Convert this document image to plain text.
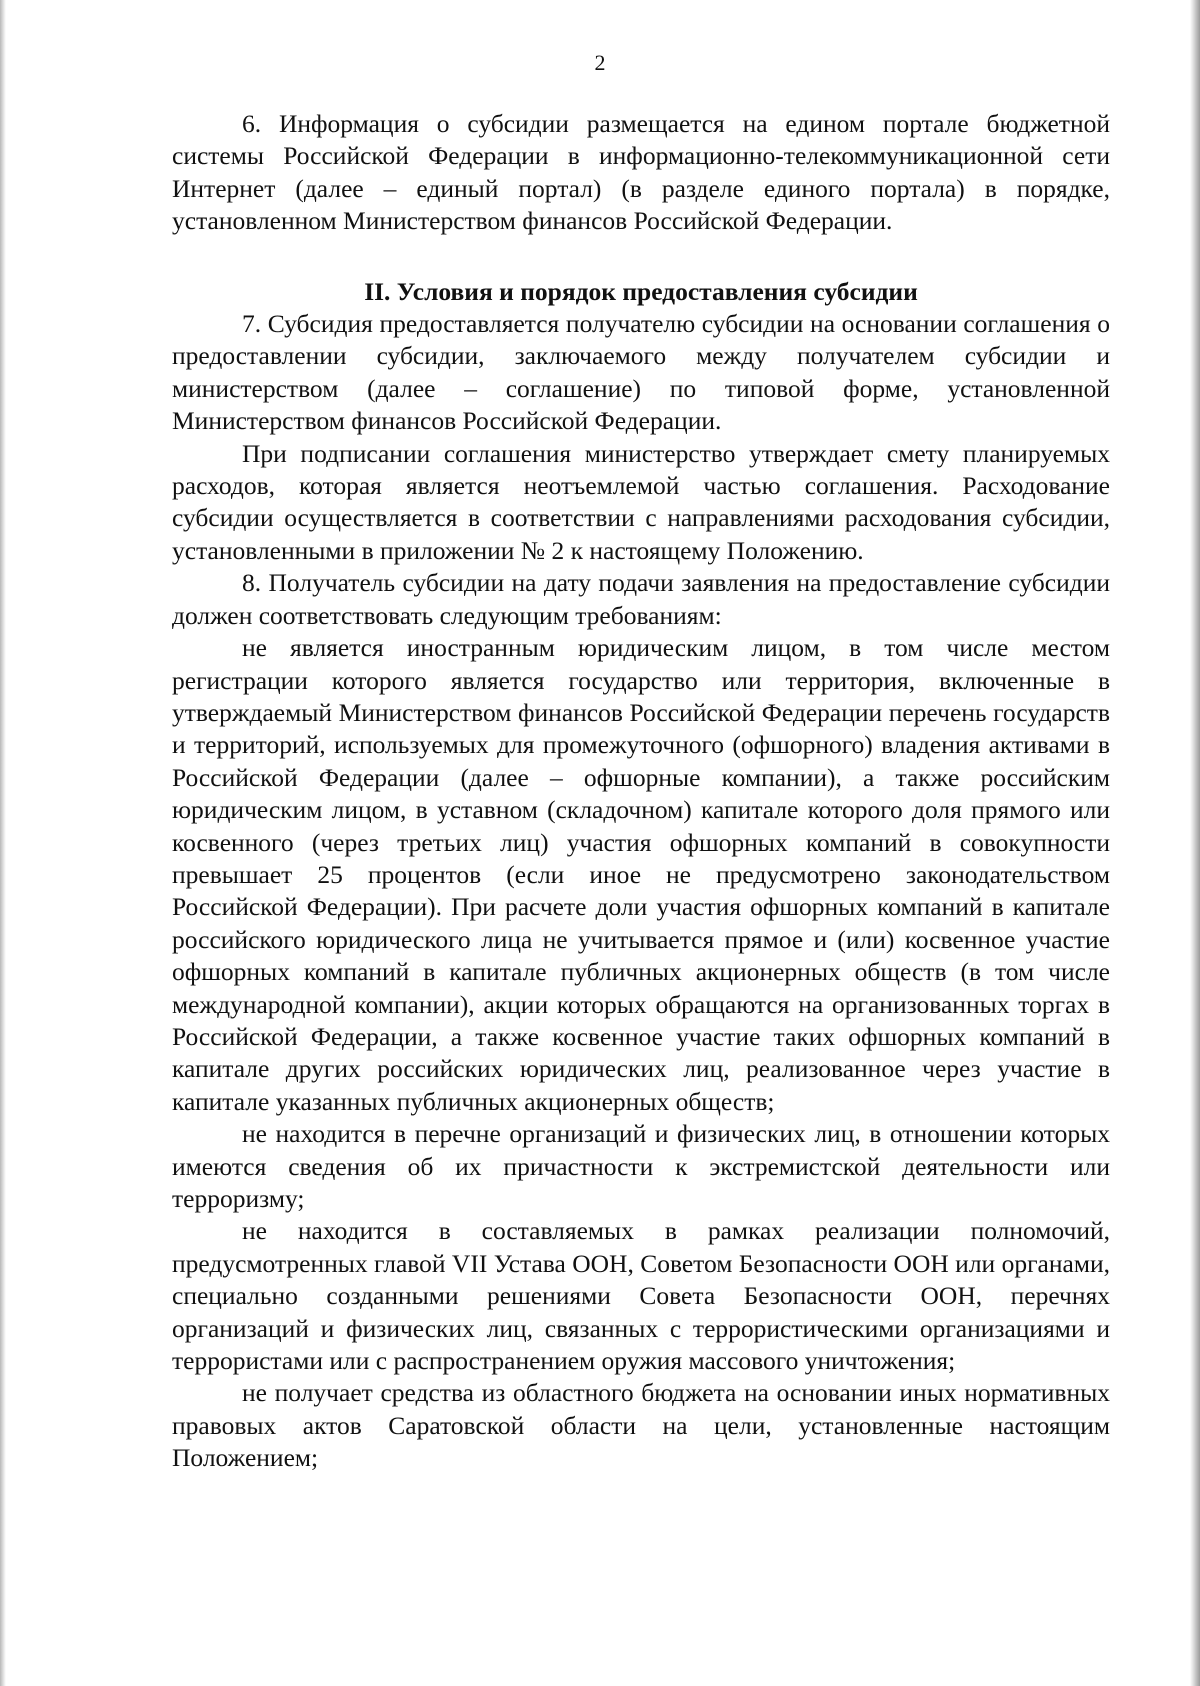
2

6. Информация о субсидии размещается на едином портале бюджетной системы Российской Федерации в информационно-телекоммуникационной сети Интернет (далее – единый портал) (в разделе единого портала) в порядке, установленном Министерством финансов Российской Федерации.

II. Условия и порядок предоставления субсидии

7. Субсидия предоставляется получателю субсидии на основании соглашения о предоставлении субсидии, заключаемого между получателем субсидии и министерством (далее – соглашение) по типовой форме, установленной Министерством финансов Российской Федерации.

При подписании соглашения министерство утверждает смету планируемых расходов, которая является неотъемлемой частью соглашения. Расходование субсидии осуществляется в соответствии с направлениями расходования субсидии, установленными в приложении № 2 к настоящему Положению.

8. Получатель субсидии на дату подачи заявления на предоставление субсидии должен соответствовать следующим требованиям:

не является иностранным юридическим лицом, в том числе местом регистрации которого является государство или территория, включенные в утверждаемый Министерством финансов Российской Федерации перечень государств и территорий, используемых для промежуточного (офшорного) владения активами в Российской Федерации (далее – офшорные компании), а также российским юридическим лицом, в уставном (складочном) капитале которого доля прямого или косвенного (через третьих лиц) участия офшорных компаний в совокупности превышает 25 процентов (если иное не предусмотрено законодательством Российской Федерации). При расчете доли участия офшорных компаний в капитале российского юридического лица не учитывается прямое и (или) косвенное участие офшорных компаний в капитале публичных акционерных обществ (в том числе международной компании), акции которых обращаются на организованных торгах в Российской Федерации, а также косвенное участие таких офшорных компаний в капитале других российских юридических лиц, реализованное через участие в капитале указанных публичных акционерных обществ;

не находится в перечне организаций и физических лиц, в отношении которых имеются сведения об их причастности к экстремистской деятельности или терроризму;

не находится в составляемых в рамках реализации полномочий, предусмотренных главой VII Устава ООН, Советом Безопасности ООН или органами, специально созданными решениями Совета Безопасности ООН, перечнях организаций и физических лиц, связанных с террористическими организациями и террористами или с распространением оружия массового уничтожения;

не получает средства из областного бюджета на основании иных нормативных правовых актов Саратовской области на цели, установленные настоящим Положением;
